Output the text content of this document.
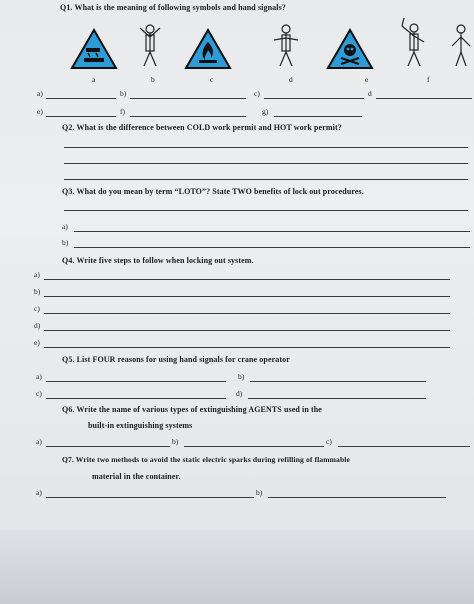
Q1. What is the meaning of following symbols and hand signals?
a	b	c	d	e	f
a)	b)	c)	d
e)	f)	g)
Q2. What is the difference between COLD work permit and HOT work permit?
Q3. What do you mean by term “LOTO”? State TWO benefits of lock out procedures.
a)
b)
Q4. Write five steps to follow when locking out system.
a)
b)
c)
d)
e)
Q5. List FOUR reasons for using hand signals for crane operator
a)	b)
c)	d)
Q6. Write the name of various types of extinguishing AGENTS used in the
built-in extinguishing systems
a)	b)	c)
Q7. Write two methods to avoid the static electric sparks during refilling of flammable
material in the container.
a)	b)
